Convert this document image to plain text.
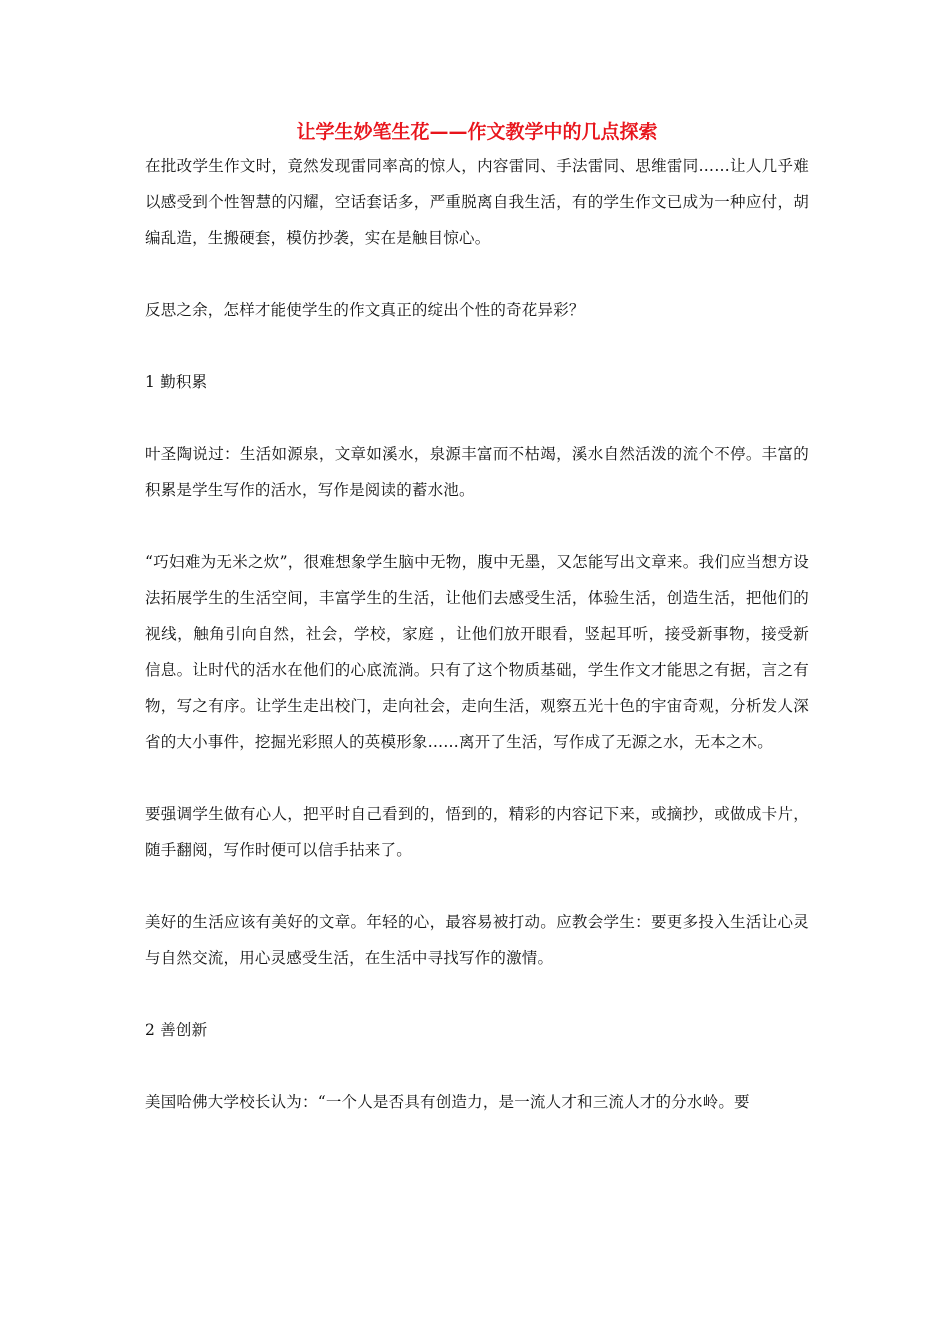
让学生妙笔生花——作文教学中的几点探索

在批改学生作文时，竟然发现雷同率高的惊人，内容雷同、手法雷同、思维雷同……让人几乎难以感受到个性智慧的闪耀，空话套话多，严重脱离自我生活，有的学生作文已成为一种应付，胡编乱造，生搬硬套，模仿抄袭，实在是触目惊心。

反思之余，怎样才能使学生的作文真正的绽出个性的奇花异彩？

1 勤积累

叶圣陶说过：生活如源泉，文章如溪水，泉源丰富而不枯竭，溪水自然活泼的流个不停。丰富的积累是学生写作的活水，写作是阅读的蓄水池。

“巧妇难为无米之炊”，很难想象学生脑中无物，腹中无墨，又怎能写出文章来。我们应当想方设法拓展学生的生活空间，丰富学生的生活，让他们去感受生活，体验生活，创造生活，把他们的视线，触角引向自然，社会，学校，家庭 ，让他们放开眼看，竖起耳听，接受新事物，接受新信息。让时代的活水在他们的心底流淌。只有了这个物质基础，学生作文才能思之有据，言之有物，写之有序。让学生走出校门，走向社会，走向生活，观察五光十色的宇宙奇观，分析发人深省的大小事件，挖掘光彩照人的英模形象……离开了生活，写作成了无源之水，无本之木。

要强调学生做有心人，把平时自己看到的，悟到的，精彩的内容记下来，或摘抄，或做成卡片，随手翻阅，写作时便可以信手拈来了。

美好的生活应该有美好的文章。年轻的心，最容易被打动。应教会学生：要更多投入生活让心灵与自然交流，用心灵感受生活，在生活中寻找写作的激情。

2 善创新

美国哈佛大学校长认为：“一个人是否具有创造力，是一流人才和三流人才的分水岭。要
